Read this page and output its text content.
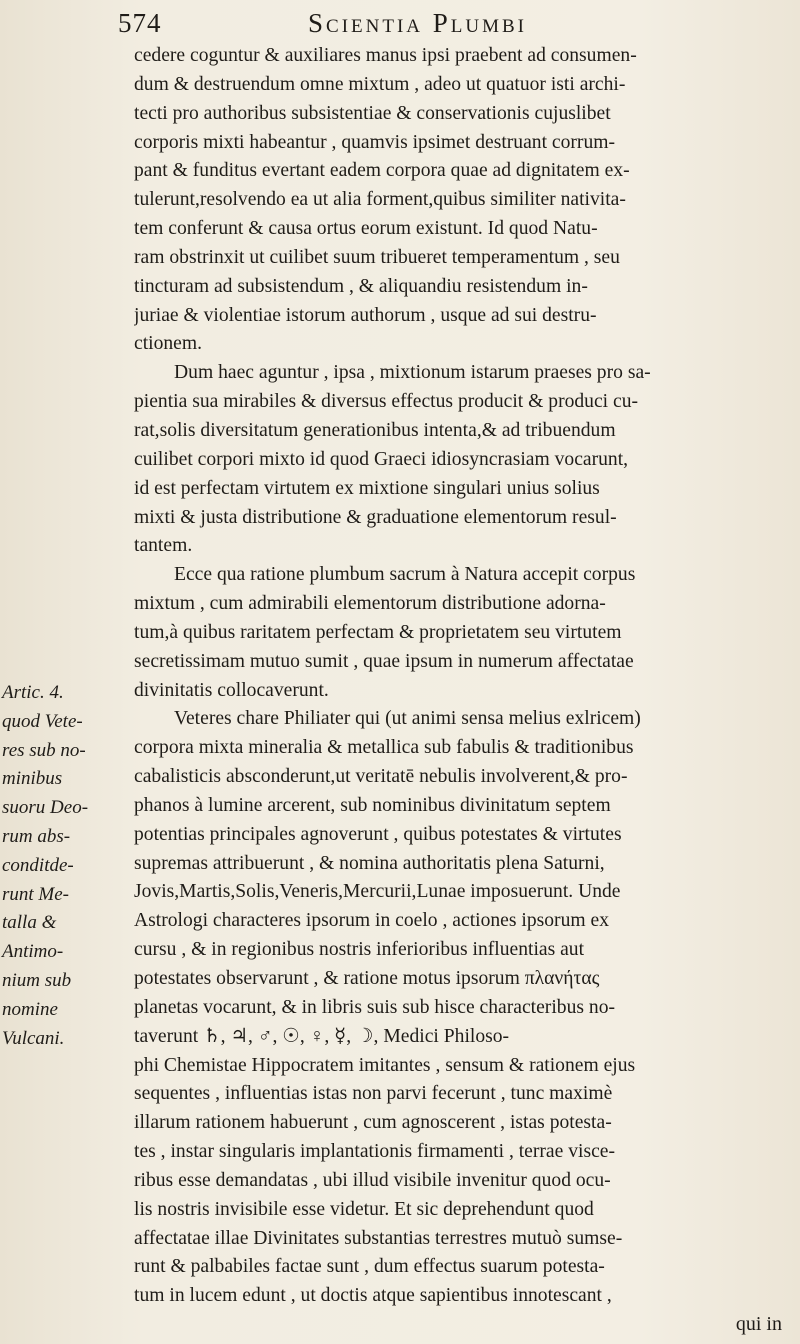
574	Scientia Plumbi
Artic. 4.
quod Vete-
res sub no-
minibus
suoru Deo-
rum abs-
conditde-
runt Me-
talla &
Antimo-
nium sub
nomine
Vulcani.
cedere coguntur & auxiliares manus ipsi praebent ad consumen-
dum & destruendum omne mixtum , adeo ut quatuor isti archi-
tecti pro authoribus subsistentiae & conservationis cujuslibet
corporis mixti habeantur , quamvis ipsimet destruant corrum-
pant & funditus evertant eadem corpora quae ad dignitatem ex-
tulerunt,resolvendo ea ut alia forment,quibus similiter nativita-
tem conferunt & causa ortus eorum existunt. Id quod Natu-
ram obstrinxit ut cuilibet suum tribueret temperamentum , seu
tincturam ad subsistendum , & aliquandiu resistendum in-
juriae & violentiae istorum authorum , usque ad sui destru-
ctionem.
Dum haec aguntur , ipsa , mixtionum istarum praeses pro sa-
pientia sua mirabiles & diversus effectus producit & produci cu-
rat,solis diversitatum generationibus intenta,& ad tribuendum
cuilibet corpori mixto id quod Graeci idiosyncrasiam vocarunt,
id est perfectam virtutem ex mixtione singulari unius solius
mixti & justa distributione & graduatione elementorum resul-
tantem.
Ecce qua ratione plumbum sacrum à Natura accepit corpus
mixtum , cum admirabili elementorum distributione adorna-
tum,à quibus raritatem perfectam & proprietatem seu virtutem
secretissimam mutuo sumit , quae ipsum in numerum affectatae
divinitatis collocaverunt.
Veteres chare Philiater qui (ut animi sensa melius exlricem)
corpora mixta mineralia & metallica sub fabulis & traditionibus
cabalisticis absconderunt,ut veritatē nebulis involverent,& pro-
phanos à lumine arcerent, sub nominibus divinitatum septem
potentias principales agnoverunt , quibus potestates & virtutes
supremas attribuerunt , & nomina authoritatis plena Saturni,
Jovis,Martis,Solis,Veneris,Mercurii,Lunae imposuerunt. Unde
Astrologi characteres ipsorum in coelo , actiones ipsorum ex
cursu , & in regionibus nostris inferioribus influentias aut
potestates observarunt , & ratione motus ipsorum πλανήτας
planetas vocarunt, & in libris suis sub hisce characteribus no-
taverunt ♄, ♃, ♂, ☉, ♀, ☿, ☽, Medici Philoso-
phi Chemistae Hippocratem imitantes , sensum & rationem ejus
sequentes , influentias istas non parvi fecerunt , tunc maximè
illarum rationem habuerunt , cum agnoscerent , istas potesta-
tes , instar singularis implantationis firmamenti , terrae visce-
ribus esse demandatas , ubi illud visibile invenitur quod ocu-
lis nostris invisibile esse videtur. Et sic deprehendunt quod
affectatae illae Divinitates substantias terrestres mutuò sumse-
runt & palbabiles factae sunt , dum effectus suarum potesta-
tum in lucem edunt , ut doctis atque sapientibus innotescant ,
qui in
